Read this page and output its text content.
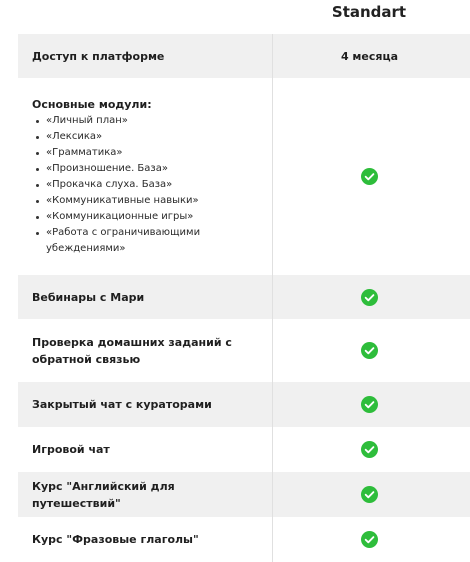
Standart
Доступ к платформе	4 месяца
Основные модули:
«Личный план»
«Лексика»
«Грамматика»
«Произношение. База»
«Прокачка слуха. База»
«Коммуникативные навыки»
«Коммуникационные игры»
«Работа с ограничивающими убеждениями»
Вебинары с Мари
Проверка домашних заданий с обратной связью
Закрытый чат с кураторами
Игровой чат
Курс "Английский для путешествий"
Курс "Фразовые глаголы"
